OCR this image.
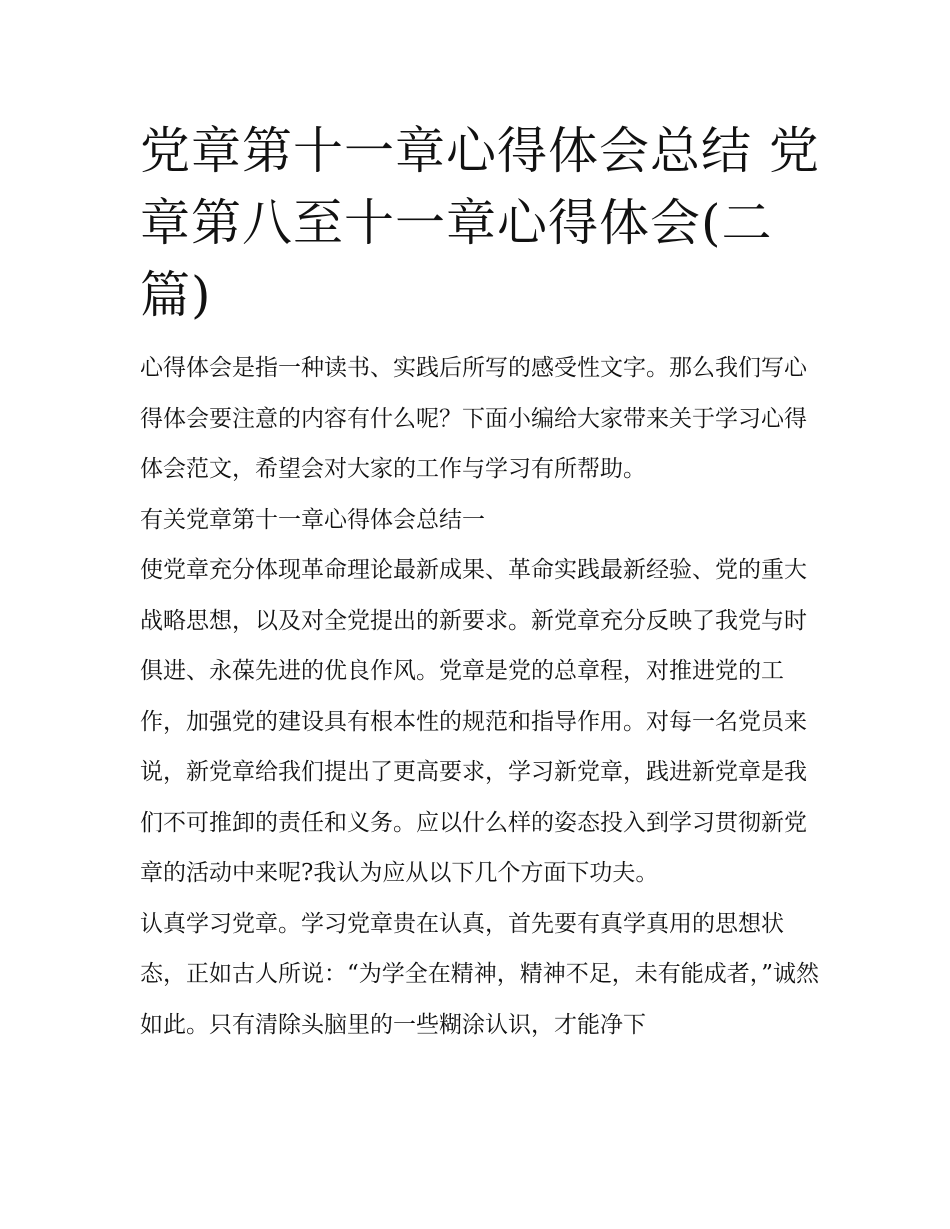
党章第十一章心得体会总结 党章第八至十一章心得体会(二篇)

心得体会是指一种读书、实践后所写的感受性文字。那么我们写心得体会要注意的内容有什么呢？下面小编给大家带来关于学习心得体会范文，希望会对大家的工作与学习有所帮助。

有关党章第十一章心得体会总结一

使党章充分体现革命理论最新成果、革命实践最新经验、党的重大战略思想，以及对全党提出的新要求。新党章充分反映了我党与时俱进、永葆先进的优良作风。党章是党的总章程，对推进党的工作，加强党的建设具有根本性的规范和指导作用。对每一名党员来说，新党章给我们提出了更高要求，学习新党章，践进新党章是我们不可推卸的责任和义务。应以什么样的姿态投入到学习贯彻新党章的活动中来呢?我认为应从以下几个方面下功夫。

认真学习党章。学习党章贵在认真，首先要有真学真用的思想状态，正如古人所说：“为学全在精神，精神不足，未有能成者，”诚然如此。只有清除头脑里的一些糊涂认识，才能净下
